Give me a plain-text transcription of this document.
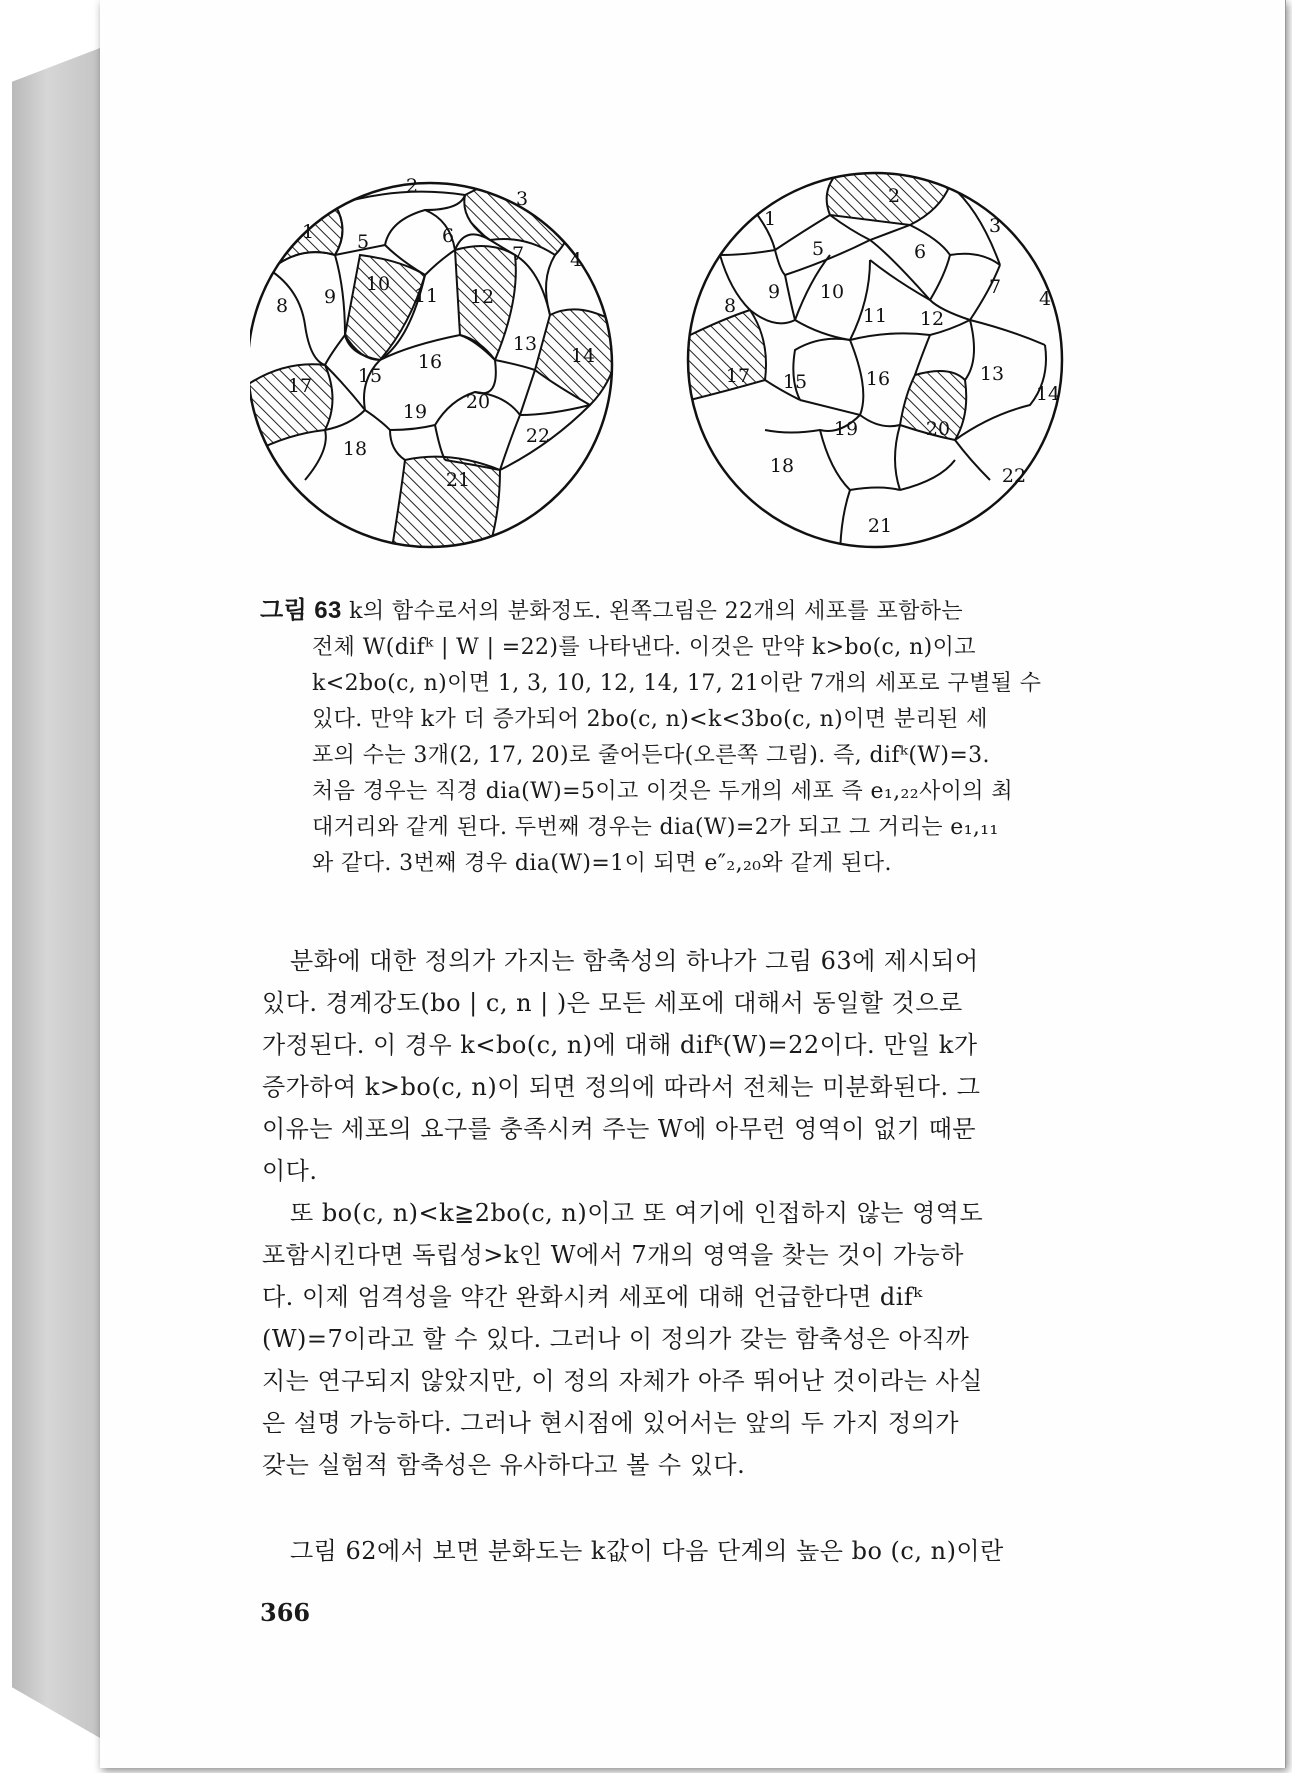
2
3
1 5	6
7 4
8 9
10
11 12
13
14
15
16
17
19 20
18
22
21
1
2
3
5	6
7
4
8
9 10
11 12
13
14
17 15	16
19	20
18	22
21
그림 63 k의 함수로서의 분화정도. 왼쪽그림은 22개의 세포를 포함하는
전체 W(difᵏ | W | =22)를 나타낸다. 이것은 만약 k>bo(c, n)이고
k<2bo(c, n)이면 1, 3, 10, 12, 14, 17, 21이란 7개의 세포로 구별될 수
있다. 만약 k가 더 증가되어 2bo(c, n)<k<3bo(c, n)이면 분리된 세
포의 수는 3개(2, 17, 20)로 줄어든다(오른쪽 그림). 즉, difᵏ(W)=3.
처음 경우는 직경 dia(W)=5이고 이것은 두개의 세포 즉 e₁,₂₂사이의 최
대거리와 같게 된다. 두번째 경우는 dia(W)=2가 되고 그 거리는 e₁,₁₁
와 같다. 3번째 경우 dia(W)=1이 되면 e″₂,₂₀와 같게 된다.
분화에 대한 정의가 가지는 함축성의 하나가 그림 63에 제시되어
있다. 경계강도(bo | c, n | )은 모든 세포에 대해서 동일할 것으로
가정된다. 이 경우 k<bo(c, n)에 대해 difᵏ(W)=22이다. 만일 k가
증가하여 k>bo(c, n)이 되면 정의에 따라서 전체는 미분화된다. 그
이유는 세포의 요구를 충족시켜 주는 W에 아무런 영역이 없기 때문
이다.
또 bo(c, n)<k≧2bo(c, n)이고 또 여기에 인접하지 않는 영역도
포함시킨다면 독립성>k인 W에서 7개의 영역을 찾는 것이 가능하
다. 이제 엄격성을 약간 완화시켜 세포에 대해 언급한다면 difᵏ
(W)=7이라고 할 수 있다. 그러나 이 정의가 갖는 함축성은 아직까
지는 연구되지 않았지만, 이 정의 자체가 아주 뛰어난 것이라는 사실
은 설명 가능하다. 그러나 현시점에 있어서는 앞의 두 가지 정의가
갖는 실험적 함축성은 유사하다고 볼 수 있다.
그림 62에서 보면 분화도는 k값이 다음 단계의 높은 bo (c, n)이란
366
